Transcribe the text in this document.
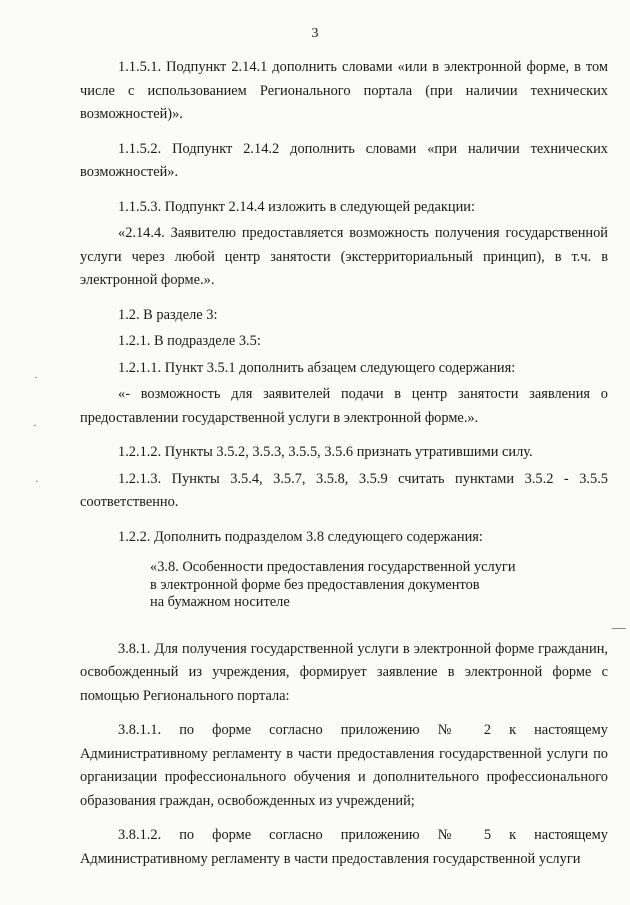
3

1.1.5.1. Подпункт 2.14.1 дополнить словами «или в электронной форме, в том числе с использованием Регионального портала (при наличии технических возможностей)».

1.1.5.2. Подпункт 2.14.2 дополнить словами «при наличии технических возможностей».

1.1.5.3. Подпункт 2.14.4 изложить в следующей редакции:

«2.14.4. Заявителю предоставляется возможность получения государственной услуги через любой центр занятости (экстерриториальный принцип), в т.ч. в электронной форме.».

1.2. В разделе 3:

1.2.1. В подразделе 3.5:

1.2.1.1. Пункт 3.5.1 дополнить абзацем следующего содержания:

«- возможность для заявителей подачи в центр занятости заявления о предоставлении государственной услуги в электронной форме.».

1.2.1.2. Пункты 3.5.2, 3.5.3, 3.5.5, 3.5.6 признать утратившими силу.

1.2.1.3. Пункты 3.5.4, 3.5.7, 3.5.8, 3.5.9 считать пунктами 3.5.2 - 3.5.5 соответственно.

1.2.2. Дополнить подразделом 3.8 следующего содержания:

«3.8. Особенности предоставления государственной услуги
в электронной форме без предоставления документов
на бумажном носителе

3.8.1. Для получения государственной услуги в электронной форме гражданин, освобожденный из учреждения, формирует заявление в электронной форме с помощью Регионального портала:

3.8.1.1. по форме согласно приложению № 2 к настоящему Административному регламенту в части предоставления государственной услуги по организации профессионального обучения и дополнительного профессионального образования граждан, освобожденных из учреждений;

3.8.1.2. по форме согласно приложению № 5 к настоящему Административному регламенту в части предоставления государственной услуги

·
·
·
